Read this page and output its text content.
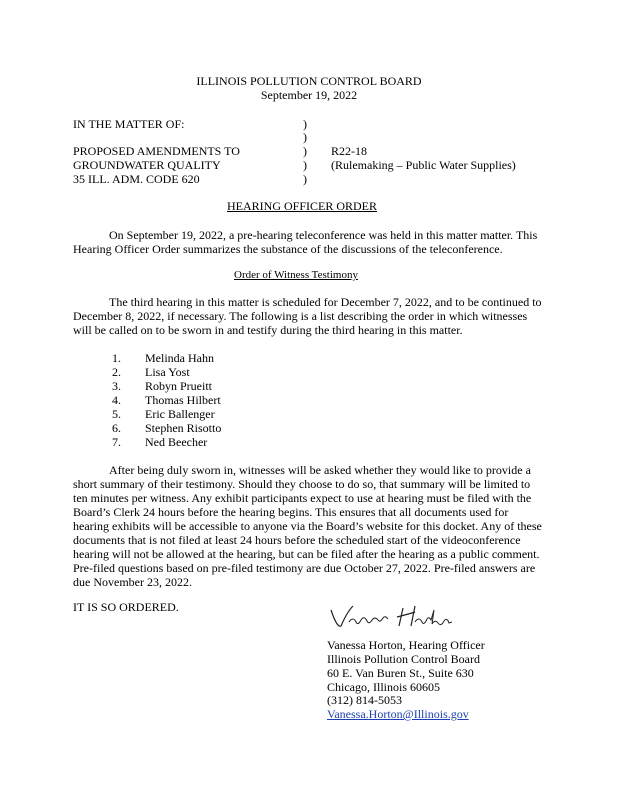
ILLINOIS POLLUTION CONTROL BOARD
September 19, 2022
IN THE MATTER OF:
PROPOSED AMENDMENTS TO
GROUNDWATER QUALITY
35 ILL. ADM. CODE 620
)
)
)
)
)
R22-18
(Rulemaking – Public Water Supplies)
HEARING OFFICER ORDER

On September 19, 2022, a pre-hearing teleconference was held in this matter matter. This Hearing Officer Order summarizes the substance of the discussions of the teleconference.

Order of Witness Testimony

The third hearing in this matter is scheduled for December 7, 2022, and to be continued to December 8, 2022, if necessary. The following is a list describing the order in which witnesses will be called on to be sworn in and testify during the third hearing in this matter.

1. Melinda Hahn
2. Lisa Yost
3. Robyn Prueitt
4. Thomas Hilbert
5. Eric Ballenger
6. Stephen Risotto
7. Ned Beecher

After being duly sworn in, witnesses will be asked whether they would like to provide a short summary of their testimony. Should they choose to do so, that summary will be limited to ten minutes per witness. Any exhibit participants expect to use at hearing must be filed with the Board’s Clerk 24 hours before the hearing begins. This ensures that all documents used for hearing exhibits will be accessible to anyone via the Board’s website for this docket. Any of these documents that is not filed at least 24 hours before the scheduled start of the videoconference hearing will not be allowed at the hearing, but can be filed after the hearing as a public comment. Pre-filed questions based on pre-filed testimony are due October 27, 2022. Pre-filed answers are due November 23, 2022.

IT IS SO ORDERED.
Vanessa Horton, Hearing Officer
Illinois Pollution Control Board
60 E. Van Buren St., Suite 630
Chicago, Illinois 60605
(312) 814-5053
Vanessa.Horton@Illinois.gov
